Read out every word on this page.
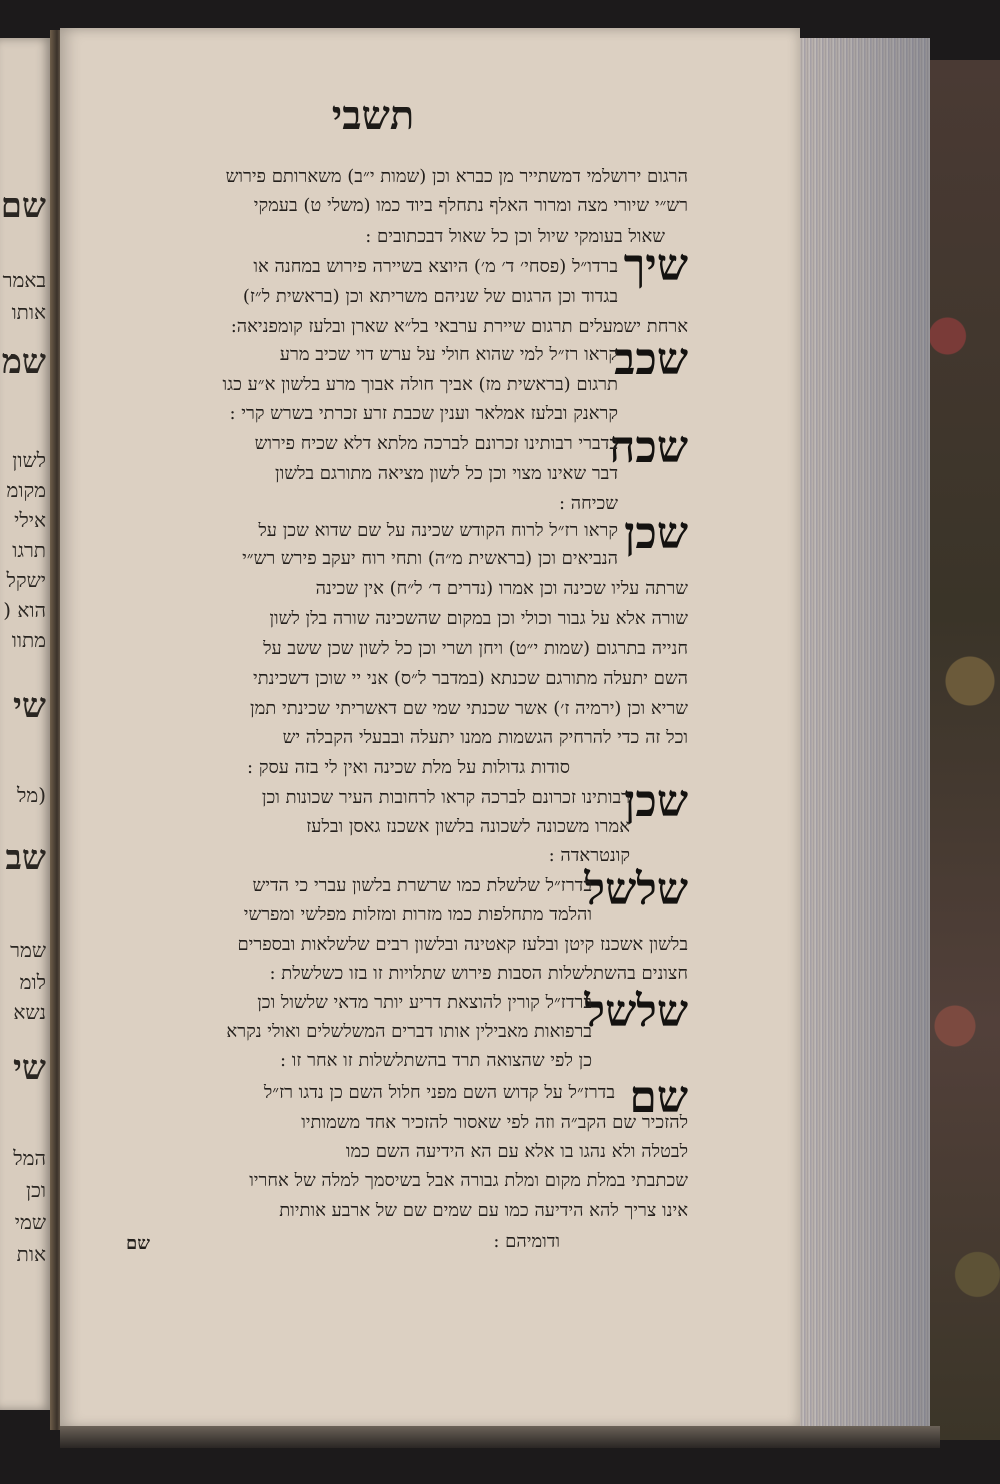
שם
באמר
אותו
שמ
לשון
מקומ
אילי
תרגו
ישקל
הוא (
מתוו
שי
(מל
שב
שמר
לומ
נשא
שי
המל
וכן
שמי
אות
תשבי
שיך
שכב
שכח
שכן
שכן
שלשל
שלשל
שם
הרגום ירושלמי דמשתייר מן כברא וכן (שמות י״ב) משארותם פירוש
רש״י שיורי מצה ומרור האלף נתחלף ביוד כמו (משלי ט) בעמקי
שאול בעומקי שיול וכן כל שאול דבכתובים :
ברדו״ל (פסחי׳ ד׳ מ׳) היוצא בשיירה פירוש במחנה או
בגדוד וכן הרגום של שניהם משריתא וכן (בראשית ל״ז)
ארחת ישמעלים תרגום שיירת ערבאי בל״א שארן ובלעז קומפניאה:
קראו רז״ל למי שהוא חולי על ערש דוי שכיב מרע
תרגום (בראשית מז) אביך חולה אבוך מרע בלשון א״ע כגו
קראנק ובלעז אמלאר וענין שכבת זרע זכרתי בשרש קרי :
בדברי רבותינו זכרונם לברכה מלתא דלא שכיח פירוש
דבר שאינו מצוי וכן כל לשון מציאה מתורגם בלשון
שכיחה :
קראו רז״ל לרוח הקודש שכינה על שם שדוא שכן על
הנביאים וכן (בראשית מ״ה) ותחי רוח יעקב פירש רש״י
שרתה עליו שכינה וכן אמרו (נדרים ד׳ ל״ח) אין שכינה
שורה אלא על גבור וכולי וכן במקום שהשכינה שורה בלן לשון
חנייה בתרגום (שמות י״ט) ויחן ושרי וכן כל לשון שכן ששב על
השם יתעלה מתורגם שכנתא (במדבר ל״ס) אני יי שוכן דשכינתי
שריא וכן (ירמיה ז׳) אשר שכנתי שמי שם דאשריתי שכינתי תמן
וכל זה כדי להרחיק הגשמות ממנו יתעלה ובבעלי הקבלה יש
סודות גדולות על מלת שכינה ואין לי בזה עסק :
רבותינו זכרונם לברכה קראו לרחובות העיר שכונות וכן
אמרו משכונה לשכונה בלשון אשכנז גאסן ובלעז
קונטראדה :
בדרז״ל שלשלת כמו שרשרת בלשון עברי כי הדיש
והלמד מתחלפות כמו מזרות ומזלות מפלשי ומפרשי
בלשון אשכנז קיטן ובלעז קאטינה ובלשון רבים שלשלאות ובספרים
חצונים בהשתלשלות הסבות פירוש שתלויות זו בזו כשלשלת :
ברדז״ל קורין להוצאת דריע יותר מדאי שלשול וכן
ברפואות מאבילין אותו דברים המשלשלים ואולי נקרא
כן לפי שהצואה תרד בהשתלשלות זו אחר זו :
בדרז״ל על קדוש השם מפני חלול השם כן נדגו רז״ל
להזכיר שם הקב״ה וזה לפי שאסור להזכיר אחד משמותיו
לבטלה ולא נהגו בו אלא עם הא הידיעה השם כמו
שכתבתי במלת מקום ומלת גבורה אבל בשיסמך למלה של אחריו
אינו צריך להא הידיעה כמו עם שמים שם של ארבע אותיות
ודומיהם :
שם
